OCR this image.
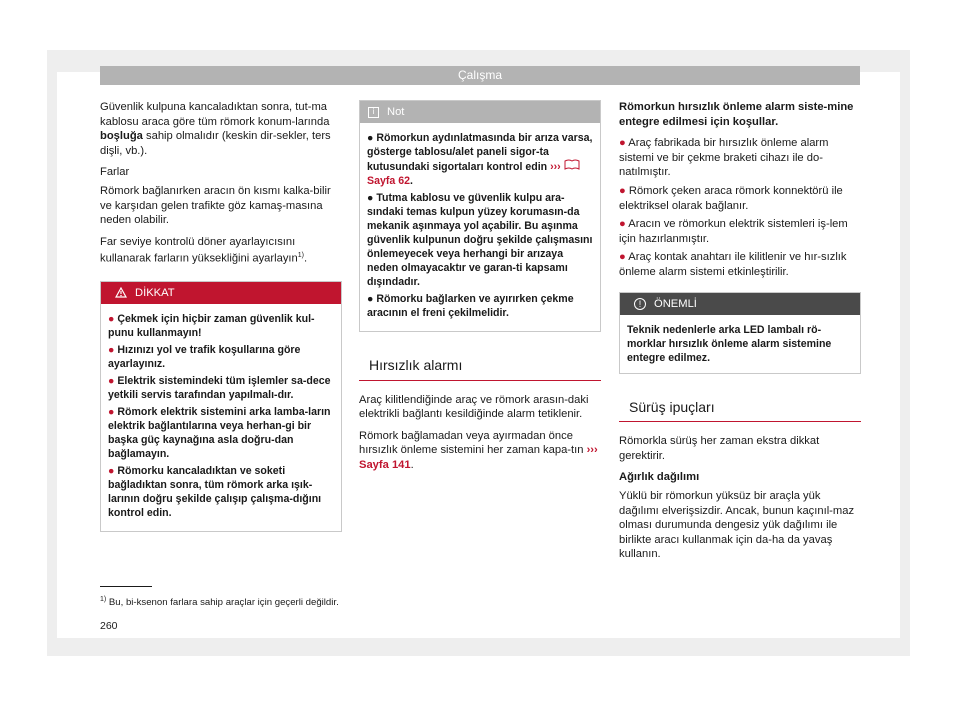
Çalışma

Güvenlik kulpuna kancaladıktan sonra, tut-ma kablosu araca göre tüm römork konum-larında boşluğa sahip olmalıdır (keskin dir-sekler, ters dişli, vb.).

Farlar

Römork bağlanırken aracın ön kısmı kalka-bilir ve karşıdan gelen trafikte göz kamaş-masına neden olabilir.

Far seviye kontrolü döner ayarlayıcısını kullanarak farların yüksekliğini ayarlayın$^{1)}$.

DİKKAT
● Çekmek için hiçbir zaman güvenlik kul-punu kullanmayın!
● Hızınızı yol ve trafik koşullarına göre ayarlayınız.
● Elektrik sistemindeki tüm işlemler sa-dece yetkili servis tarafından yapılmalı-dır.
● Römork elektrik sistemini arka lamba-ların elektrik bağlantılarına veya herhan-gi bir başka güç kaynağına asla doğru-dan bağlamayın.
● Römorku kancaladıktan ve soketi bağladıktan sonra, tüm römork arka ışık-larının doğru şekilde çalışıp çalışma-dığını kontrol edin.
i	Not
● Römorkun aydınlatmasında bir arıza varsa, gösterge tablosu/alet paneli sigor-ta kutusundaki sigortaları kontrol edin ›››  Sayfa 62.
● Tutma kablosu ve güvenlik kulpu ara-sındaki temas kulpun yüzey korumasın-da mekanik aşınmaya yol açabilir. Bu aşınma güvenlik kulpunun doğru şekilde çalışmasını önlemeyecek veya herhangi bir arızaya neden olmayacaktır ve garan-ti kapsamı dışındadır.
● Römorku bağlarken ve ayırırken çekme aracının el freni çekilmelidir.
Hırsızlık alarmı

Araç kilitlendiğinde araç ve römork arasın-daki elektrikli bağlantı kesildiğinde alarm tetiklenir.

Römork bağlamadan veya ayırmadan önce hırsızlık önleme sistemini her zaman kapa-tın ››› Sayfa 141.

Römorkun hırsızlık önleme alarm siste-mine entegre edilmesi için koşullar.

● Araç fabrikada bir hırsızlık önleme alarm sistemi ve bir çekme braketi cihazı ile do-natılmıştır.

● Römork çeken araca römork konnektörü ile elektriksel olarak bağlanır.

● Aracın ve römorkun elektrik sistemleri iş-lem için hazırlanmıştır.

● Araç kontak anahtarı ile kilitlenir ve hır-sızlık önleme alarm sistemi etkinleştirilir.

!	ÖNEMLİ
Teknik nedenlerle arka LED lambalı rö-morklar hırsızlık önleme alarm sistemine entegre edilmez.
Sürüş ipuçları

Römorkla sürüş her zaman ekstra dikkat gerektirir.

Ağırlık dağılımı

Yüklü bir römorkun yüksüz bir araçla yük dağılımı elverişsizdir. Ancak, bunun kaçınıl-maz olması durumunda dengesiz yük dağılımı ile birlikte aracı kullanmak için da-ha da yavaş kullanın.

$^{1)}$ Bu, bi-ksenon farlara sahip araçlar için geçerli değildir.
260
